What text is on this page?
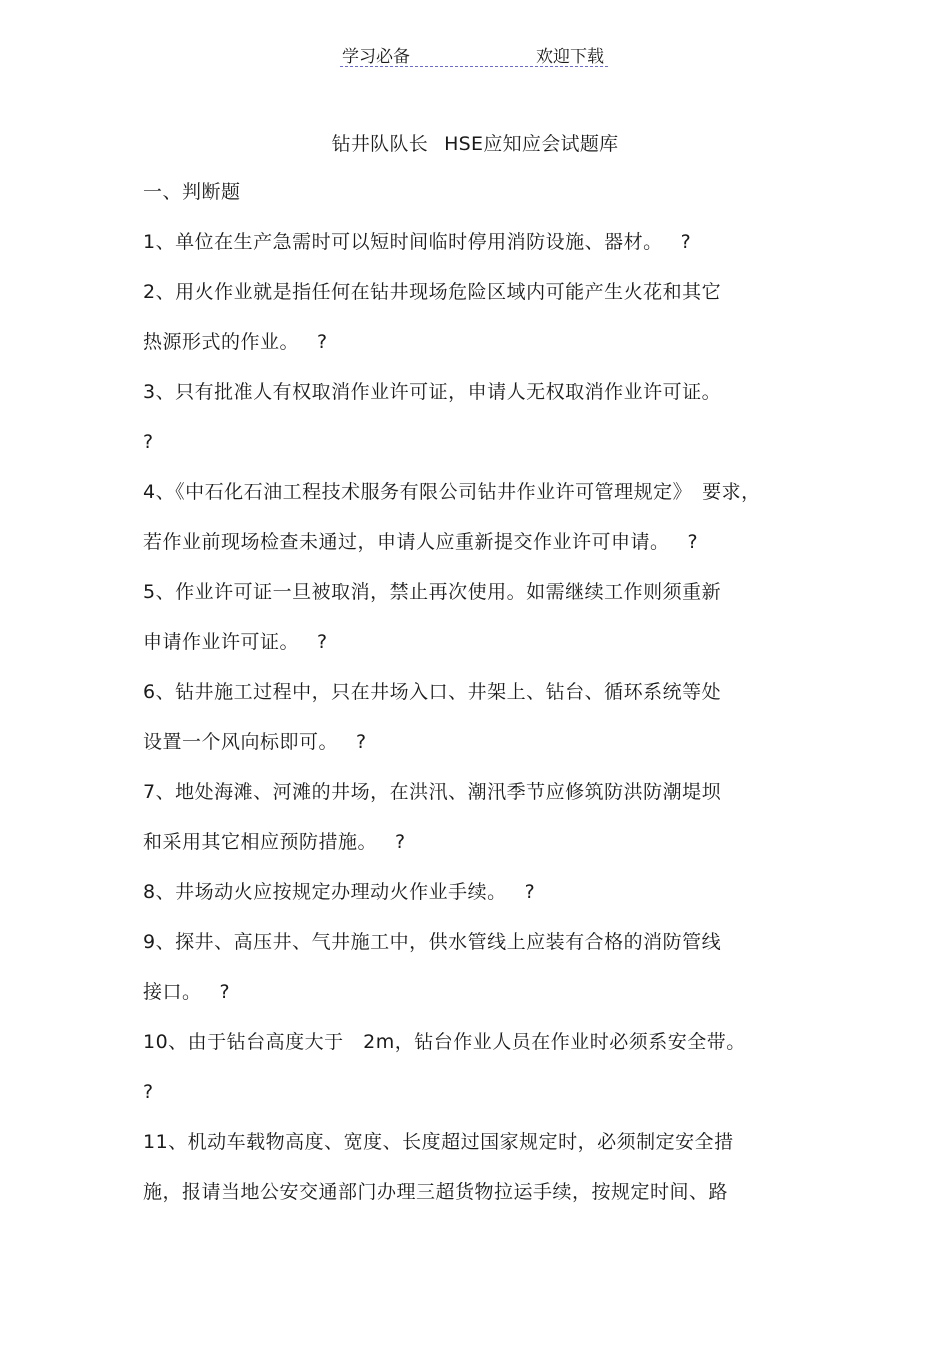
学习必备	欢迎下载
钻井队队长 HSE应知应会试题库
一、判断题
1、单位在生产急需时可以短时间临时停用消防设施、器材。 ?
2、用火作业就是指任何在钻井现场危险区域内可能产生火花和其它
热源形式的作业。 ?
3、只有批准人有权取消作业许可证，申请人无权取消作业许可证。
?
4、《中石化石油工程技术服务有限公司钻井作业许可管理规定》　要求，
若作业前现场检查未通过，申请人应重新提交作业许可申请。 ?
5、作业许可证一旦被取消，禁止再次使用。如需继续工作则须重新
申请作业许可证。 ?
6、钻井施工过程中，只在井场入口、井架上、钻台、循环系统等处
设置一个风向标即可。 ?
7、地处海滩、河滩的井场，在洪汛、潮汛季节应修筑防洪防潮堤坝
和采用其它相应预防措施。 ?
8、井场动火应按规定办理动火作业手续。 ?
9、探井、高压井、气井施工中，供水管线上应装有合格的消防管线
接口。 ?
10、由于钻台高度大于　2m，钻台作业人员在作业时必须系安全带。
?
11、机动车载物高度、宽度、长度超过国家规定时，必须制定安全措
施，报请当地公安交通部门办理三超货物拉运手续，按规定时间、路
